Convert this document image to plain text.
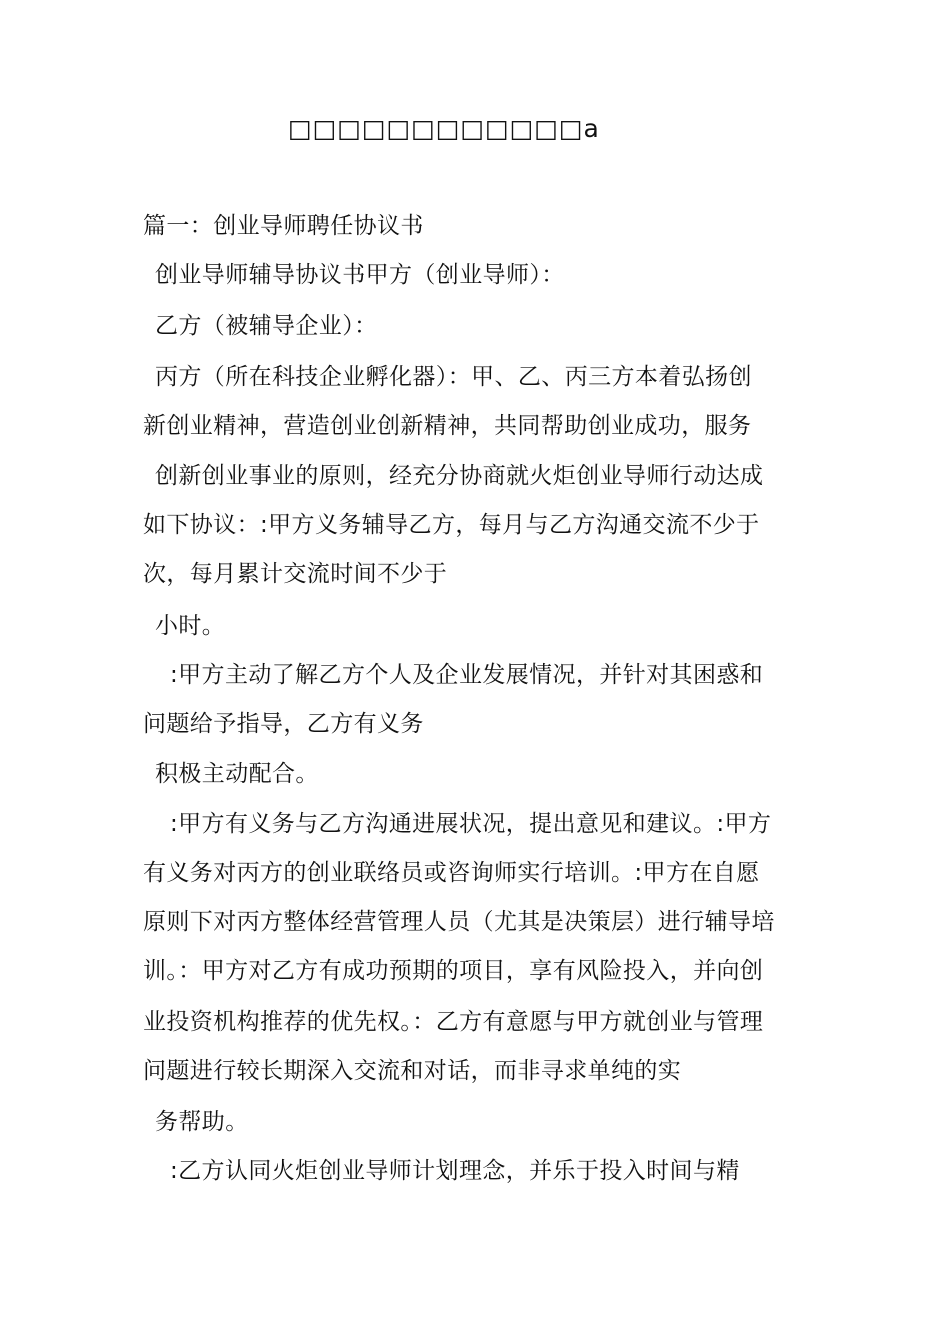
□□□□□□□□□□□□a
篇一：创业导师聘任协议书
创业导师辅导协议书甲方（创业导师）：
乙方（被辅导企业）：
丙方（所在科技企业孵化器）：甲、乙、丙三方本着弘扬创
新创业精神，营造创业创新精神，共同帮助创业成功，服务
创新创业事业的原则，经充分协商就火炬创业导师行动达成
如下协议：:甲方义务辅导乙方，每月与乙方沟通交流不少于
次，每月累计交流时间不少于
小时。
:甲方主动了解乙方个人及企业发展情况，并针对其困惑和
问题给予指导，乙方有义务
积极主动配合。
:甲方有义务与乙方沟通进展状况，提出意见和建议。:甲方
有义务对丙方的创业联络员或咨询师实行培训。:甲方在自愿
原则下对丙方整体经营管理人员（尤其是决策层）进行辅导培
训。：甲方对乙方有成功预期的项目，享有风险投入，并向创
业投资机构推荐的优先权。：乙方有意愿与甲方就创业与管理
问题进行较长期深入交流和对话，而非寻求单纯的实
务帮助。
:乙方认同火炬创业导师计划理念，并乐于投入时间与精
